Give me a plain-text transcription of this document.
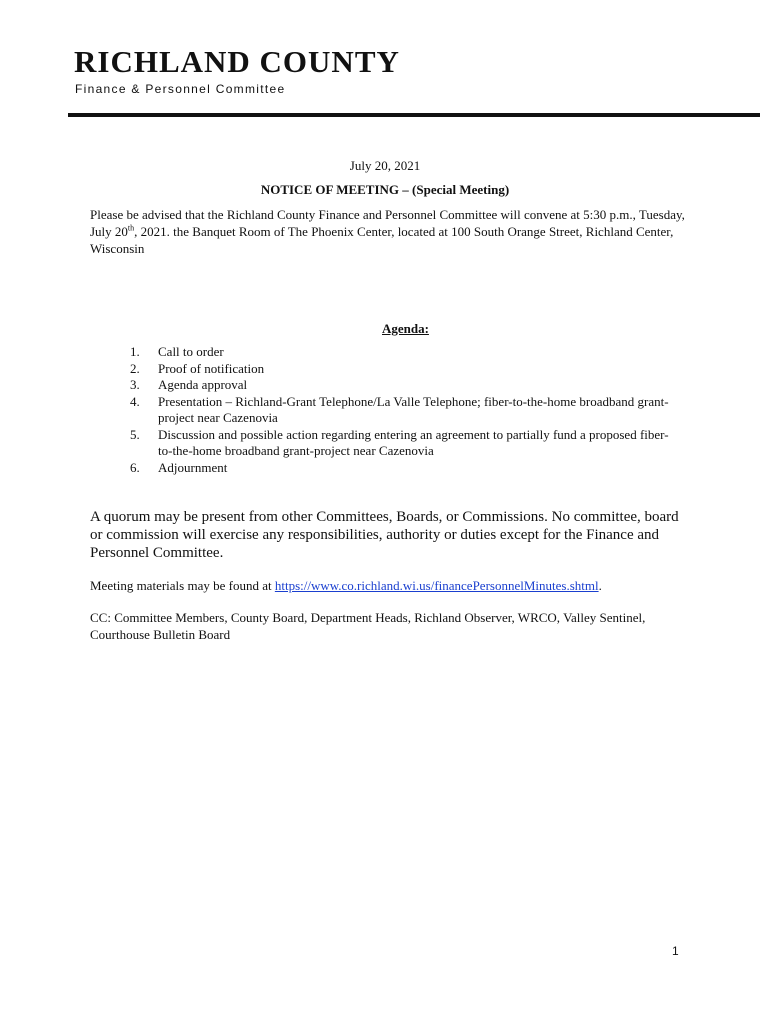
RICHLAND COUNTY
Finance & Personnel Committee
July 20, 2021
NOTICE OF MEETING – (Special Meeting)
Please be advised that the Richland County Finance and Personnel Committee will convene at 5:30 p.m., Tuesday, July 20th, 2021. the Banquet Room of The Phoenix Center, located at 100 South Orange Street, Richland Center, Wisconsin
Agenda:
1.	Call to order
2.	Proof of notification
3.	Agenda approval
4.	Presentation – Richland-Grant Telephone/La Valle Telephone; fiber-to-the-home broadband grant-project near Cazenovia
5.	Discussion and possible action regarding entering an agreement to partially fund a proposed fiber-to-the-home broadband grant-project near Cazenovia
6.	Adjournment
A quorum may be present from other Committees, Boards, or Commissions. No committee, board or commission will exercise any responsibilities, authority or duties except for the Finance and Personnel Committee.
Meeting materials may be found at https://www.co.richland.wi.us/financePersonnelMinutes.shtml.
CC: Committee Members, County Board, Department Heads, Richland Observer, WRCO, Valley Sentinel, Courthouse Bulletin Board
1
